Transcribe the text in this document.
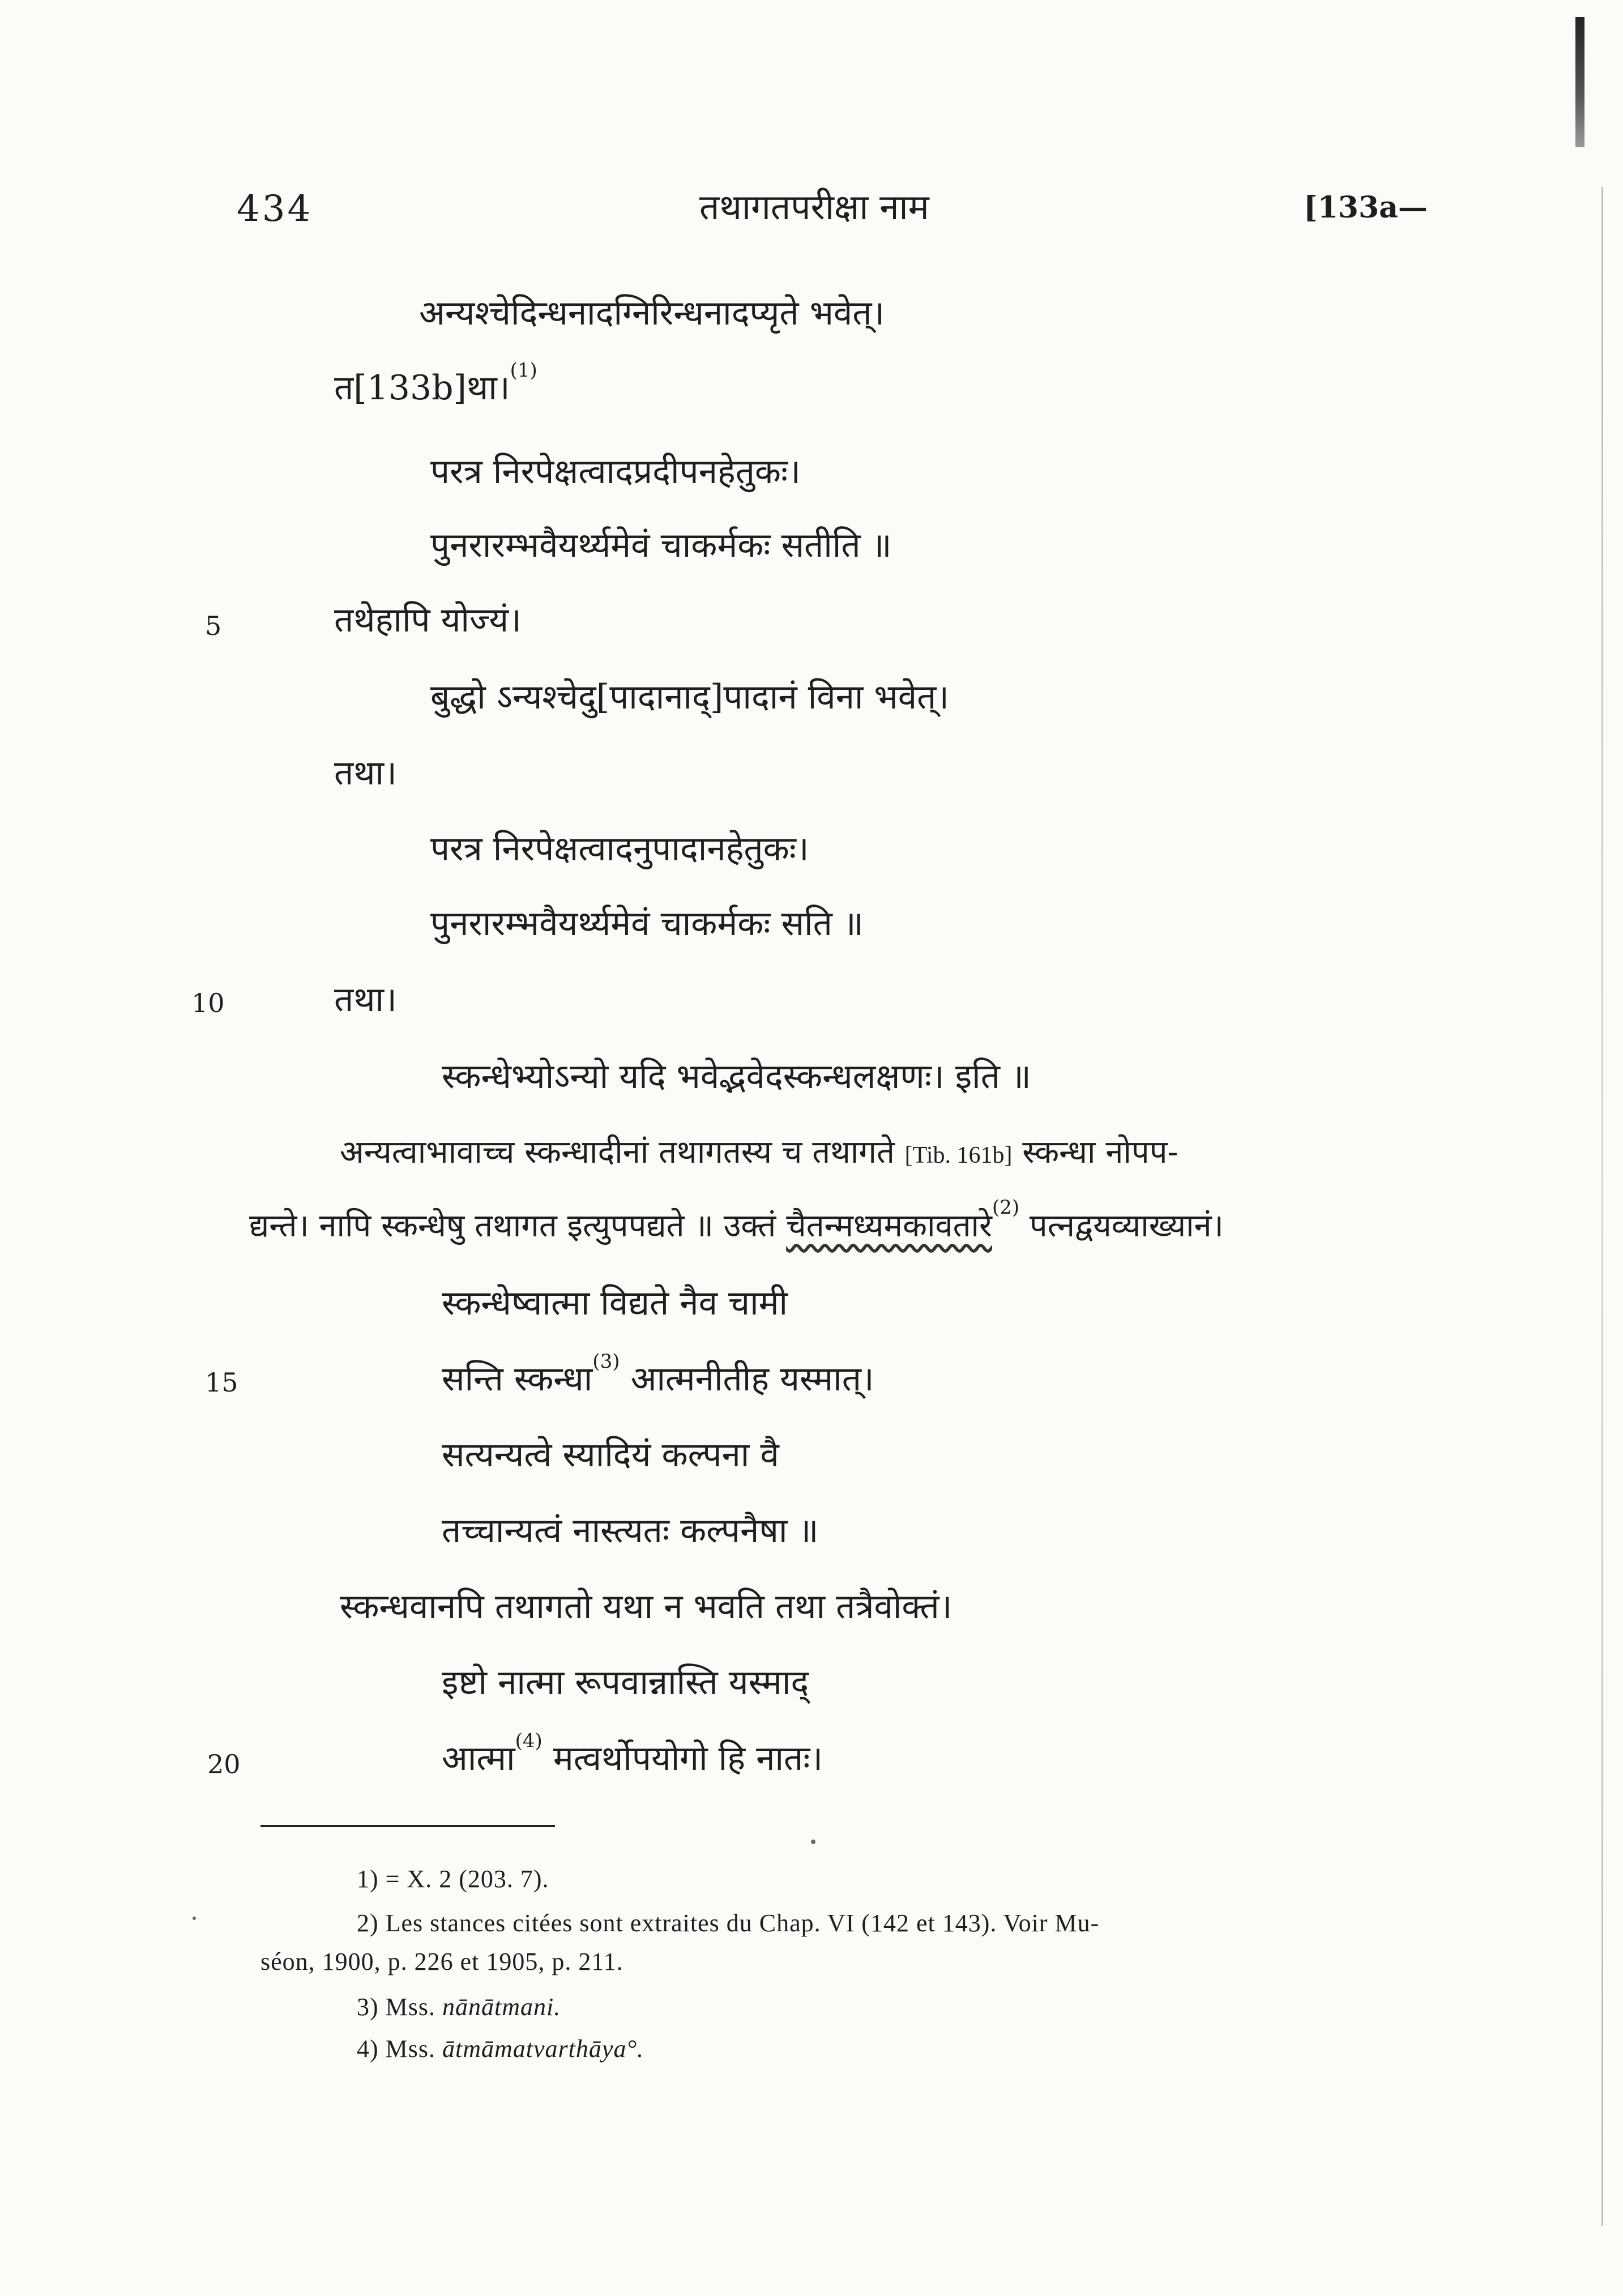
434	तथागतपरीक्षा नाम	[133a—
अन्यश्चेदिन्धनादग्निरिन्धनादप्यृते भवेत्।
त[133b]था।$^{(1)}$
परत्र निरपेक्षत्वादप्रदीपनहेतुकः।
पुनरारम्भवैयर्थ्यमेवं चाकर्मकः सतीति ॥
5	तथेहापि योज्यं।
बुद्धो ऽन्यश्चेदु[पादानाद्]पादानं विना भवेत्।
तथा।
परत्र निरपेक्षत्वादनुपादानहेतुकः।
पुनरारम्भवैयर्थ्यमेवं चाकर्मकः सति ॥
10	तथा।
स्कन्धेभ्योऽन्यो यदि भवेद्भवेदस्कन्धलक्षणः। इति ॥
अन्यत्वाभावाच्च स्कन्धादीनां तथागतस्य च तथागते [Tib. 161b] स्कन्धा नोपप-
द्यन्ते। नापि स्कन्धेषु तथागत इत्युपपद्यते ॥ उक्तं चैतन्मध्यमकावतारे$^{(2)}$ पत्नद्वयव्याख्यानं।
स्कन्धेष्वात्मा विद्यते नैव चामी
15	सन्ति स्कन्धा$^{(3)}$ आत्मनीतीह यस्मात्।
सत्यन्यत्वे स्यादियं कल्पना वै
तच्चान्यत्वं नास्त्यतः कल्पनैषा ॥
स्कन्धवानपि तथागतो यथा न भवति तथा तत्रैवोक्तं।
इष्टो नात्मा रूपवान्नास्ति यस्माद्
20	आत्मा$^{(4)}$ मत्वर्थोपयोगो हि नातः।
1) = X. 2 (203. 7).
2) Les stances citées sont extraites du Chap. VI (142 et 143). Voir Mu-
séon, 1900, p. 226 et 1905, p. 211.
3) Mss. nānātmani.
4) Mss. ātmāmatvarthāya°.
